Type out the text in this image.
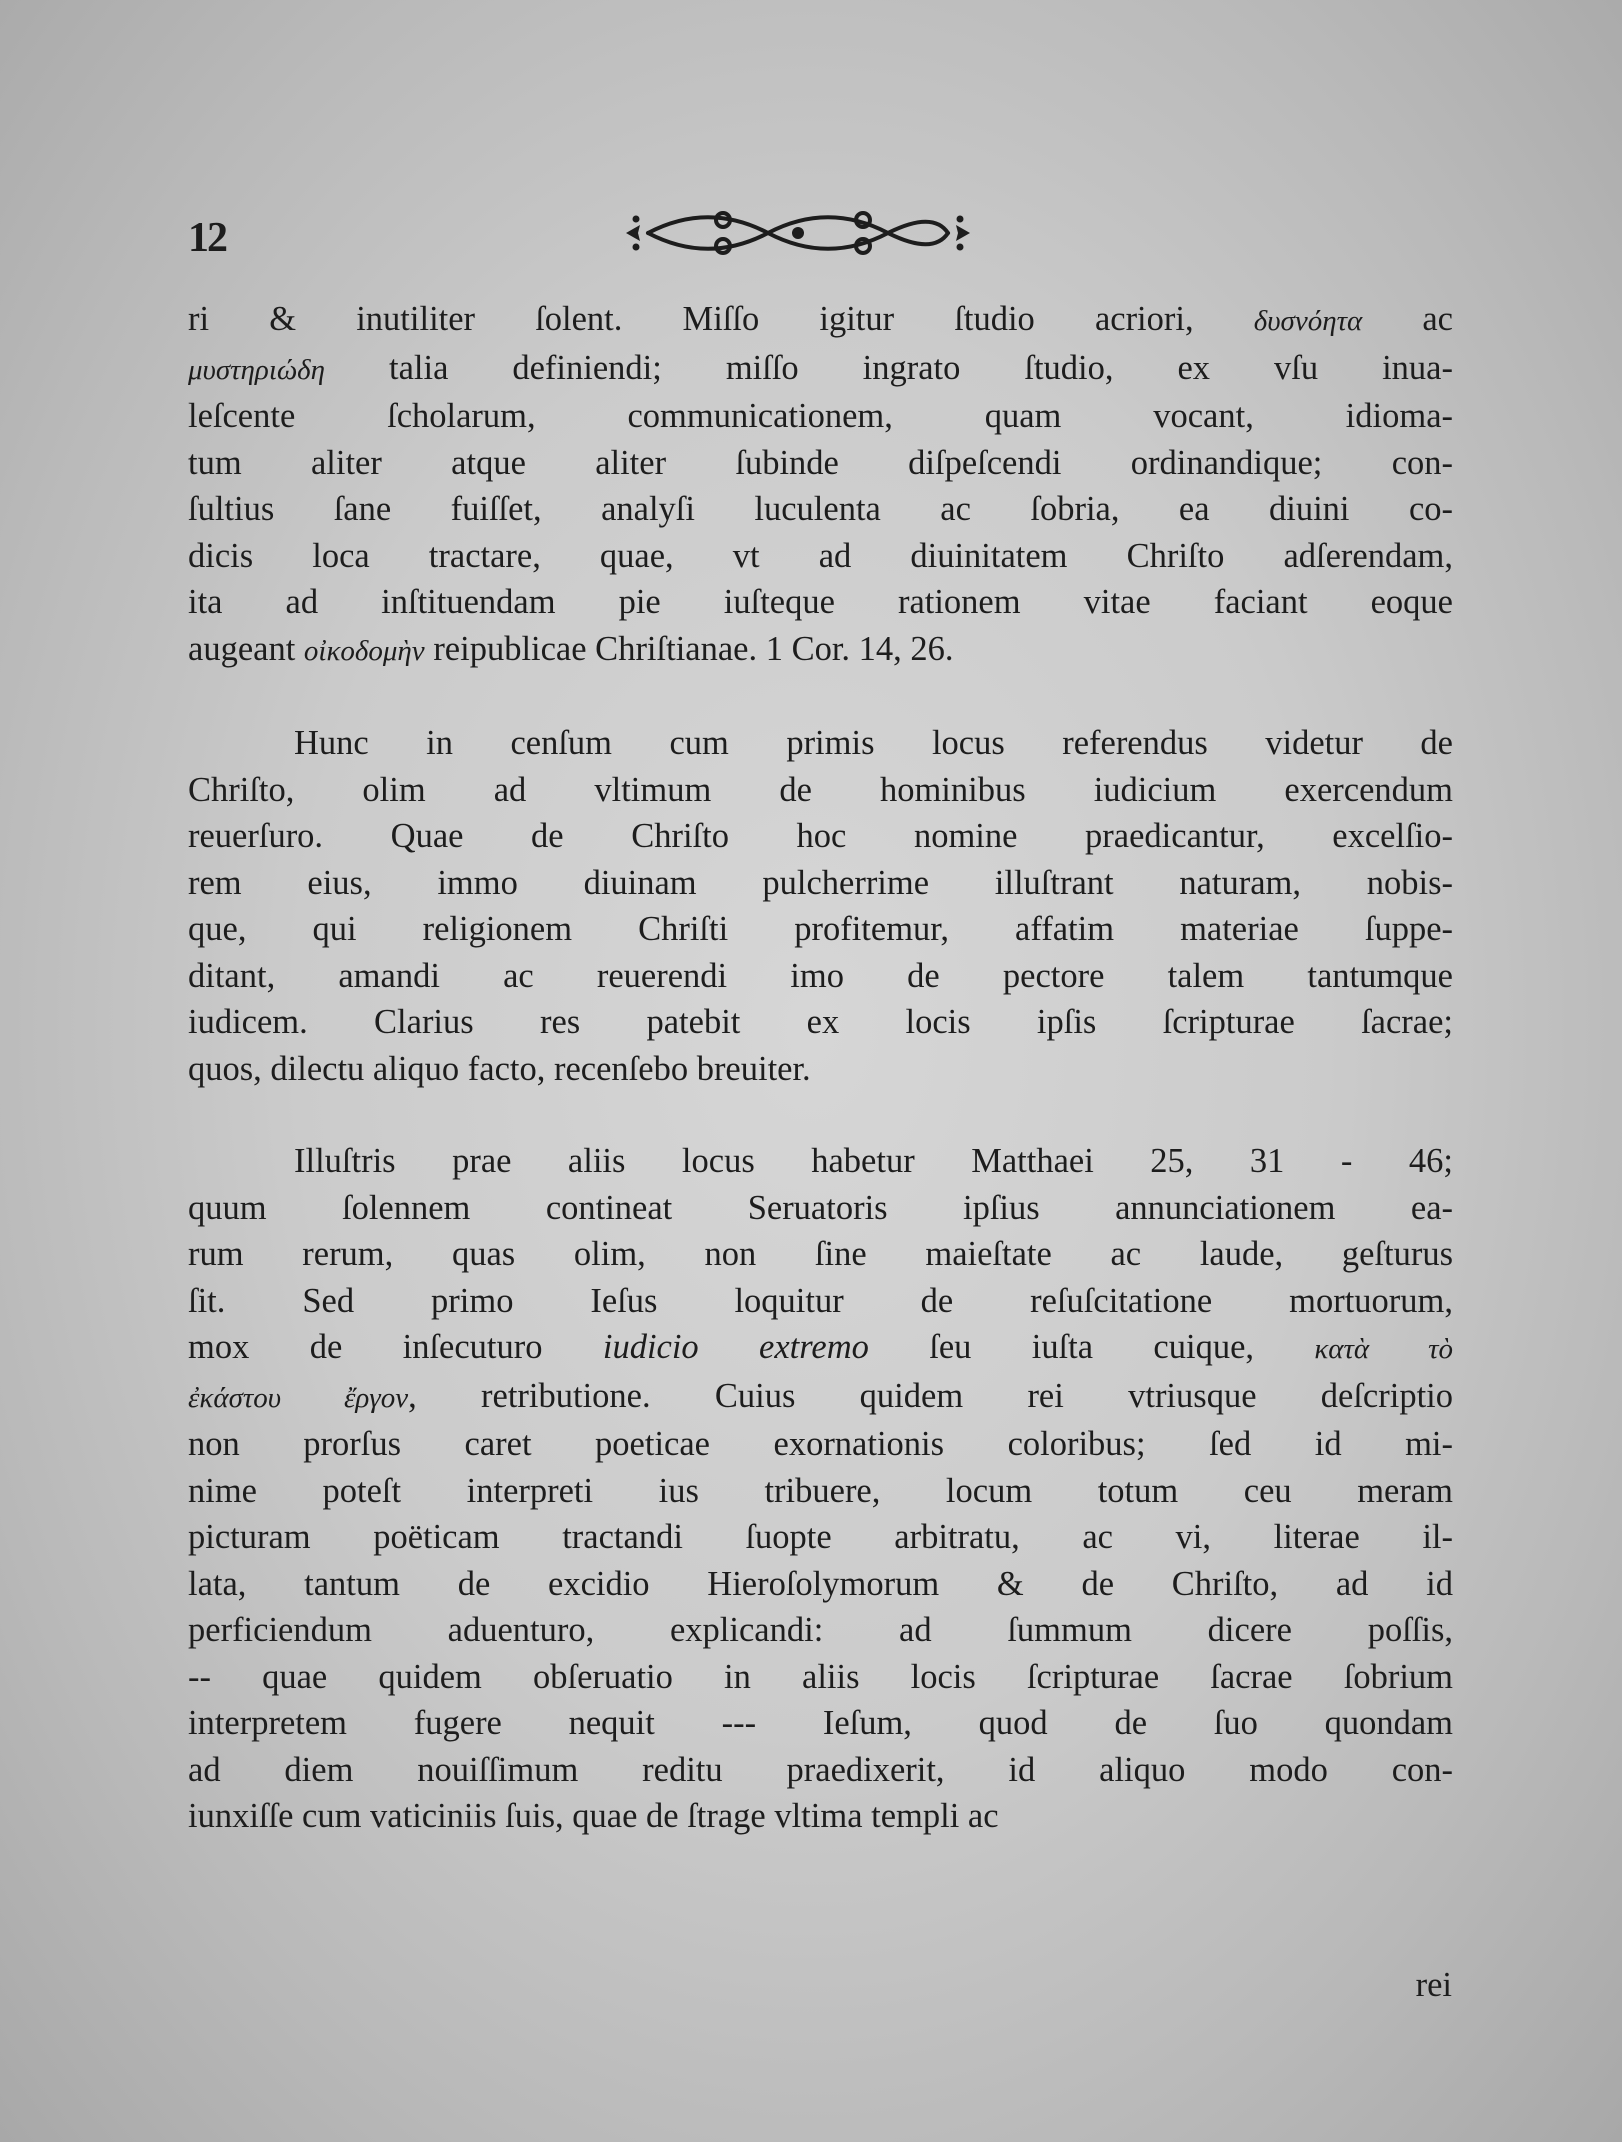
12
ri & inutiliter ſolent. Miſſo igitur ſtudio acriori, δυσνόητα ac
μυστηριώδη talia definiendi; miſſo ingrato ſtudio, ex vſu inua-
leſcente ſcholarum, communicationem, quam vocant, idioma-
tum aliter atque aliter ſubinde diſpeſcendi ordinandique; con-
ſultius ſane fuiſſet, analyſi luculenta ac ſobria, ea diuini co-
dicis loca tractare, quae, vt ad diuinitatem Chriſto adſerendam,
ita ad inſtituendam pie iuſteque rationem vitae faciant eoque
augeant οἰκοδομὴν reipublicae Chriſtianae. 1 Cor. 14, 26.
Hunc in cenſum cum primis locus referendus videtur de
Chriſto, olim ad vltimum de hominibus iudicium exercendum
reuerſuro. Quae de Chriſto hoc nomine praedicantur, excelſio-
rem eius, immo diuinam pulcherrime illuſtrant naturam, nobis-
que, qui religionem Chriſti profitemur, affatim materiae ſuppe-
ditant, amandi ac reuerendi imo de pectore talem tantumque
iudicem. Clarius res patebit ex locis ipſis ſcripturae ſacrae;
quos, dilectu aliquo facto, recenſebo breuiter.
Illuſtris prae aliis locus habetur Matthaei 25, 31 - 46;
quum ſolennem contineat Seruatoris ipſius annunciationem ea-
rum rerum, quas olim, non ſine maieſtate ac laude, geſturus
ſit. Sed primo Ieſus loquitur de reſuſcitatione mortuorum,
mox de inſecuturo iudicio extremo ſeu iuſta cuique, κατὰ τὸ
ἐκάστου ἔργον, retributione. Cuius quidem rei vtriusque deſcriptio
non prorſus caret poeticae exornationis coloribus; ſed id mi-
nime poteſt interpreti ius tribuere, locum totum ceu meram
picturam poëticam tractandi ſuopte arbitratu, ac vi, literae il-
lata, tantum de excidio Hieroſolymorum & de Chriſto, ad id
perficiendum aduenturo, explicandi: ad ſummum dicere poſſis,
-- quae quidem obſeruatio in aliis locis ſcripturae ſacrae ſobrium
interpretem fugere nequit --- Ieſum, quod de ſuo quondam
ad diem nouiſſimum reditu praedixerit, id aliquo modo con-
iunxiſſe cum vaticiniis ſuis, quae de ſtrage vltima templi ac
rei
